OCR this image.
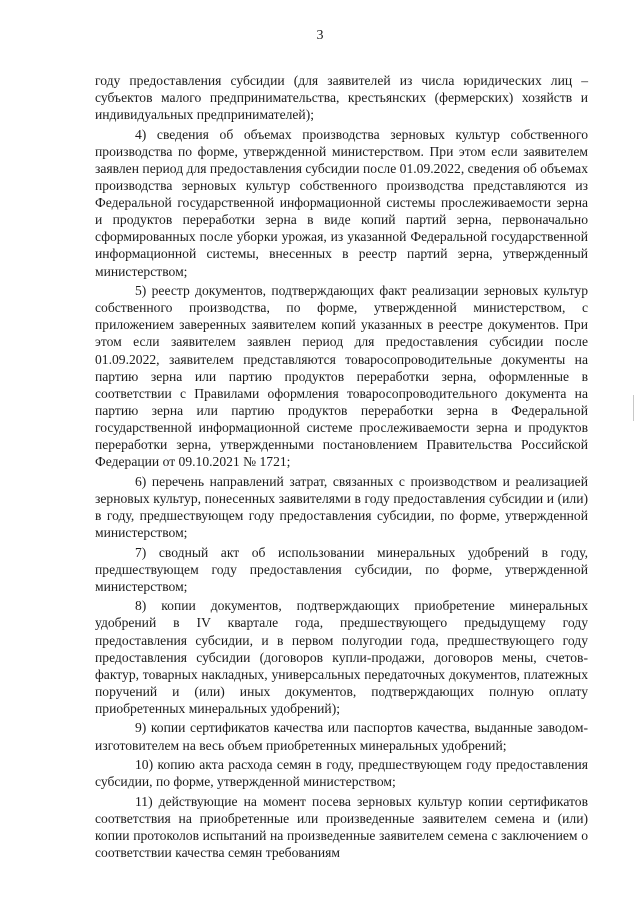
3

году предоставления субсидии (для заявителей из числа юридических лиц – субъектов малого предпринимательства, крестьянских (фермерских) хозяйств и индивидуальных предпринимателей);

4) сведения об объемах производства зерновых культур собственного производства по форме, утвержденной министерством. При этом если заявителем заявлен период для предоставления субсидии после 01.09.2022, сведения об объемах производства зерновых культур собственного производства представляются из Федеральной государственной информационной системы прослеживаемости зерна и продуктов переработки зерна в виде копий партий зерна, первоначально сформированных после уборки урожая, из указанной Федеральной государственной информационной системы, внесенных в реестр партий зерна, утвержденный министерством;

5) реестр документов, подтверждающих факт реализации зерновых культур собственного производства, по форме, утвержденной министерством, с приложением заверенных заявителем копий указанных в реестре документов. При этом если заявителем заявлен период для предоставления субсидии после 01.09.2022, заявителем представляются товаросопроводительные документы на партию зерна или партию продуктов переработки зерна, оформленные в соответствии с Правилами оформления товаросопроводительного документа на партию зерна или партию продуктов переработки зерна в Федеральной государственной информационной системе прослеживаемости зерна и продуктов переработки зерна, утвержденными постановлением Правительства Российской Федерации от 09.10.2021 № 1721;

6) перечень направлений затрат, связанных с производством и реализацией зерновых культур, понесенных заявителями в году предоставления субсидии и (или) в году, предшествующем году предоставления субсидии, по форме, утвержденной министерством;

7) сводный акт об использовании минеральных удобрений в году, предшествующем году предоставления субсидии, по форме, утвержденной министерством;

8) копии документов, подтверждающих приобретение минеральных удобрений в IV квартале года, предшествующего предыдущему году предоставления субсидии, и в первом полугодии года, предшествующего году предоставления субсидии (договоров купли-продажи, договоров мены, счетов-фактур, товарных накладных, универсальных передаточных документов, платежных поручений и (или) иных документов, подтверждающих полную оплату приобретенных минеральных удобрений);

9) копии сертификатов качества или паспортов качества, выданные заводом-изготовителем на весь объем приобретенных минеральных удобрений;

10) копию акта расхода семян в году, предшествующем году предоставления субсидии, по форме, утвержденной министерством;

11) действующие на момент посева зерновых культур копии сертификатов соответствия на приобретенные или произведенные заявителем семена и (или) копии протоколов испытаний на произведенные заявителем семена с заключением о соответствии качества семян требованиям
